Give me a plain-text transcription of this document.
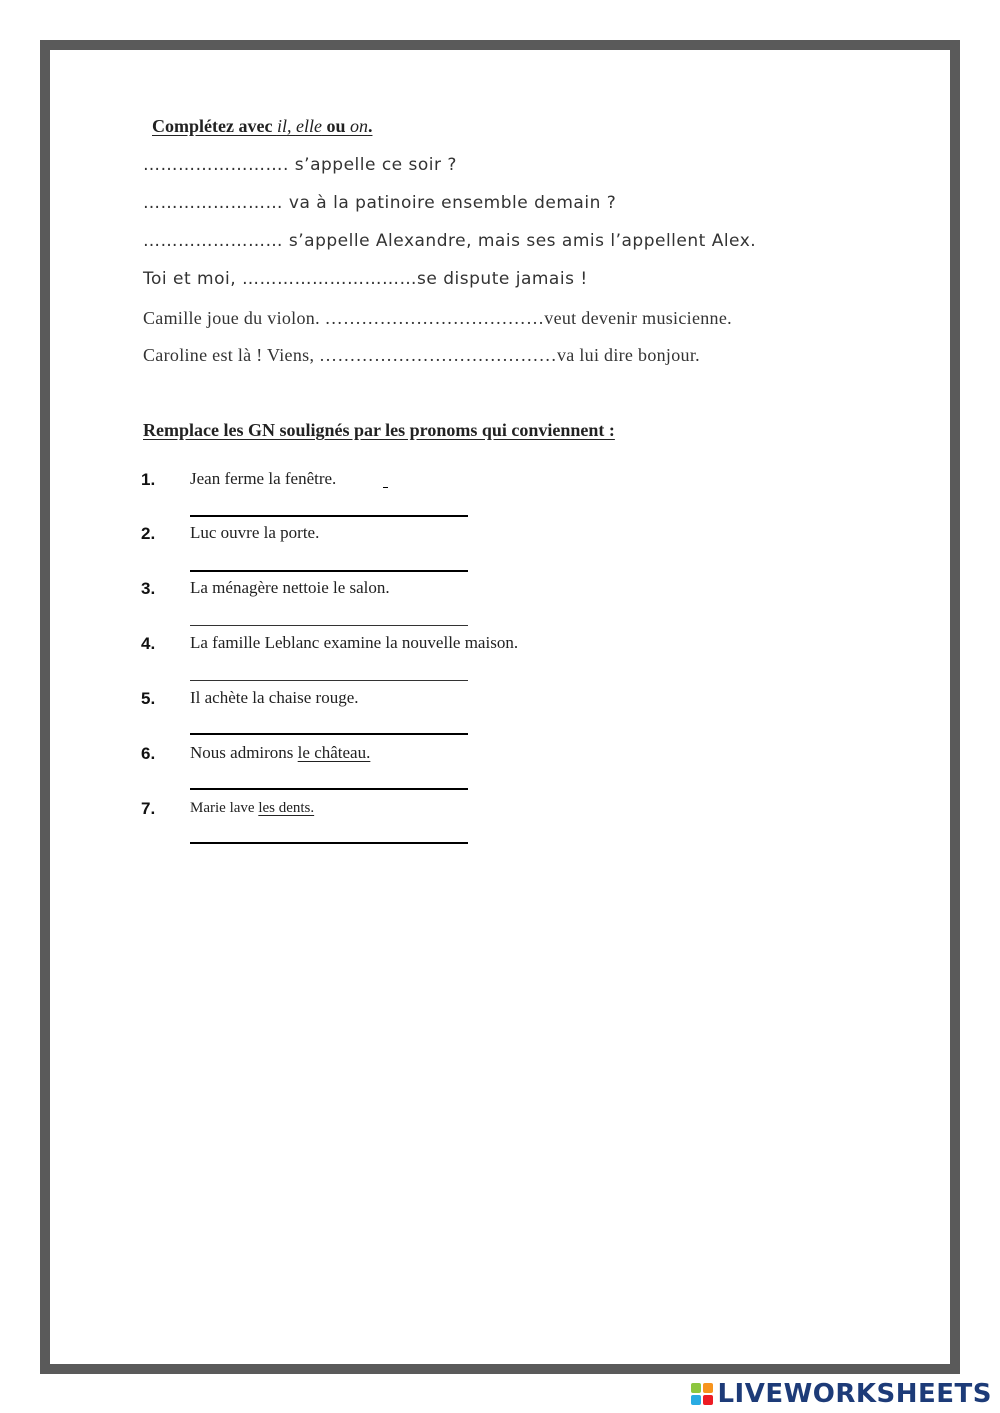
Complétez avec il, elle ou on.
……………………. s’appelle ce soir ?
…………………… va à la patinoire ensemble demain ?
…………………… s’appelle Alexandre, mais ses amis l’appellent Alex.
Toi et moi, …………………………se dispute jamais !
Camille joue du violon. ………………………………veut devenir musicienne.
Caroline est là ! Viens, …………………………………va lui dire bonjour.
Remplace les GN soulignés par les pronoms qui conviennent :
1. Jean ferme la fenêtre.
2. Luc ouvre la porte.
3. La ménagère nettoie le salon.
4. La famille Leblanc examine la nouvelle maison.
5. Il achète la chaise rouge.
6. Nous admirons le château.
7. Marie lave les dents.
LIVEWORKSHEETS
